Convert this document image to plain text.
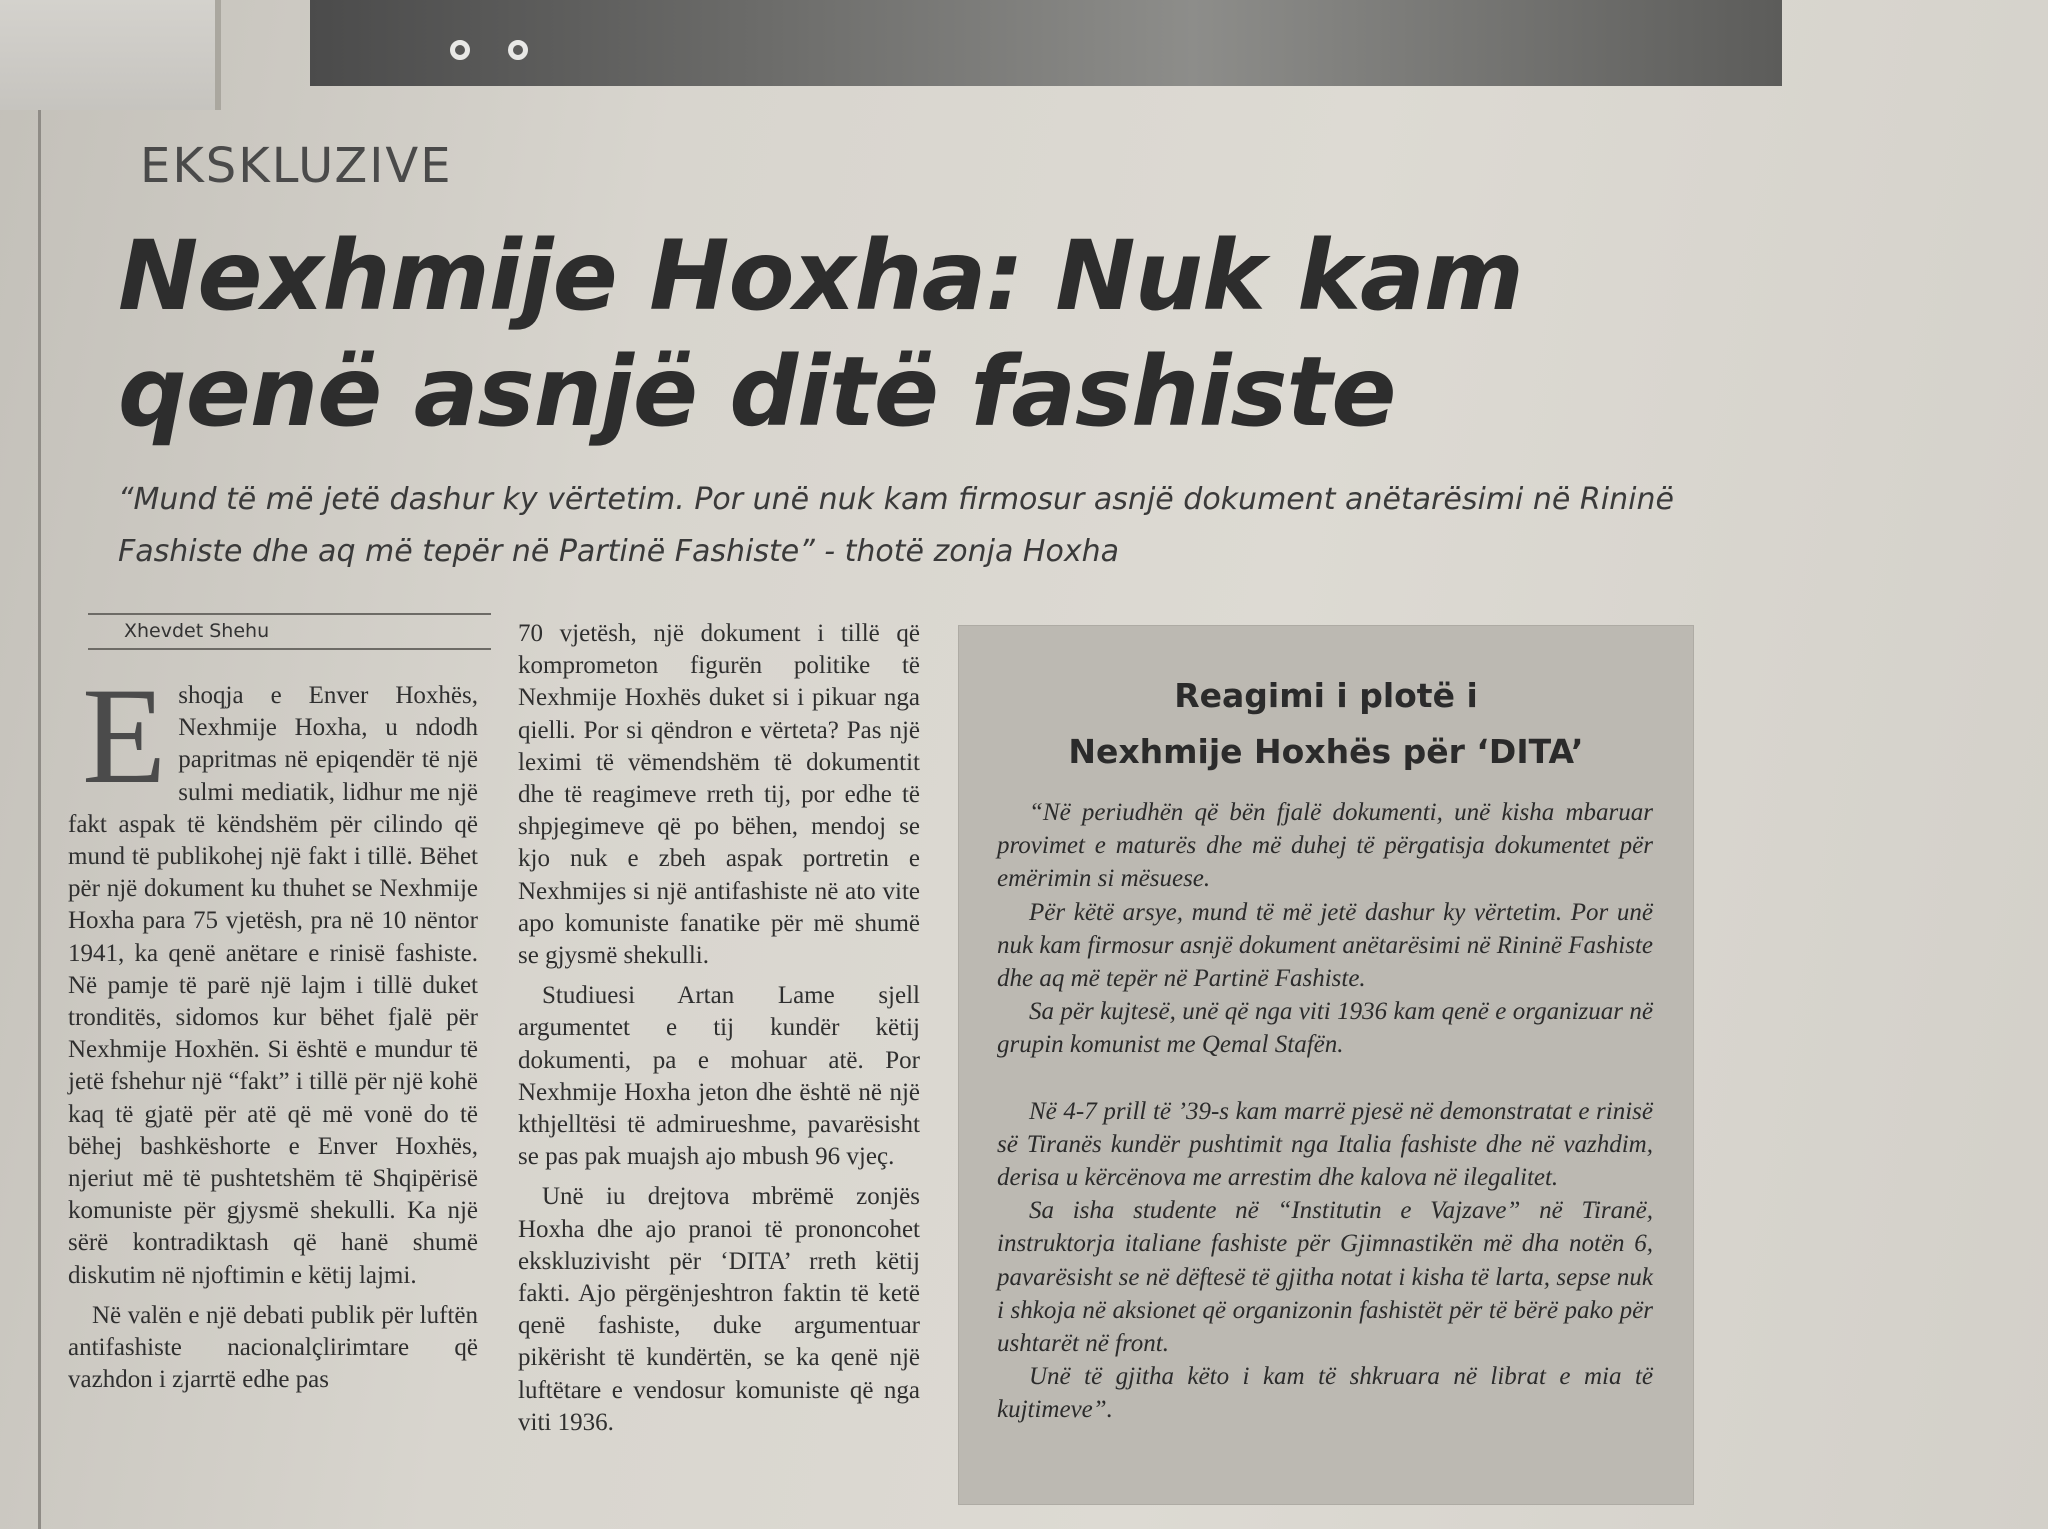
EKSKLUZIVE
Nexhmije Hoxha: Nuk kam qenë asnjë ditë fashiste
“Mund të më jetë dashur ky vërtetim. Por unë nuk kam firmosur asnjë dokument anëtarësimi në Rininë Fashiste dhe aq më tepër në Partinë Fashiste” - thotë zonja Hoxha

Xhevdet Shehu

Eshoqja e Enver Hoxhës, Nexhmije Hoxha, u ndodh papritmas në epiqendër të një sulmi mediatik, lidhur me një fakt aspak të këndshëm për cilindo që mund të publikohej një fakt i tillë. Bëhet për një dokument ku thuhet se Nexhmije Hoxha para 75 vjetësh, pra në 10 nëntor 1941, ka qenë anëtare e rinisë fashiste. Në pamje të parë një lajm i tillë duket tronditës, sidomos kur bëhet fjalë për Nexhmije Hoxhën. Si është e mundur të jetë fshehur një “fakt” i tillë për një kohë kaq të gjatë për atë që më vonë do të bëhej bashkëshorte e Enver Hoxhës, njeriut më të pushtetshëm të Shqipërisë komuniste për gjysmë shekulli. Ka një sërë kontradiktash që hanë shumë diskutim në njoftimin e këtij lajmi.

Në valën e një debati publik për luftën antifashiste nacionalçlirimtare që vazhdon i zjarrtë edhe pas

70 vjetësh, një dokument i tillë që komprometon figurën politike të Nexhmije Hoxhës duket si i pikuar nga qielli. Por si qëndron e vërteta? Pas një leximi të vëmendshëm të dokumentit dhe të reagimeve rreth tij, por edhe të shpjegimeve që po bëhen, mendoj se kjo nuk e zbeh aspak portretin e Nexhmijes si një antifashiste në ato vite apo komuniste fanatike për më shumë se gjysmë shekulli.

Studiuesi Artan Lame sjell argumentet e tij kundër këtij dokumenti, pa e mohuar atë. Por Nexhmije Hoxha jeton dhe është në një kthjelltësi të admirueshme, pavarësisht se pas pak muajsh ajo mbush 96 vjeç.

Unë iu drejtova mbrëmë zonjës Hoxha dhe ajo pranoi të prononcohet ekskluzivisht për ‘DITA’ rreth këtij fakti. Ajo përgënjeshtron faktin të ketë qenë fashiste, duke argumentuar pikërisht të kundërtën, se ka qenë një luftëtare e vendosur komuniste që nga viti 1936.

Reagimi i plotë i
Nexhmije Hoxhës për ‘DITA’

“Në periudhën që bën fjalë dokumenti, unë kisha mbaruar provimet e maturës dhe më duhej të përgatisja dokumentet për emërimin si mësuese.

Për këtë arsye, mund të më jetë dashur ky vërtetim. Por unë nuk kam firmosur asnjë dokument anëtarësimi në Rininë Fashiste dhe aq më tepër në Partinë Fashiste.

Sa për kujtesë, unë që nga viti 1936 kam qenë e organizuar në grupin komunist me Qemal Stafën.

Në 4-7 prill të ’39-s kam marrë pjesë në demonstratat e rinisë së Tiranës kundër pushtimit nga Italia fashiste dhe në vazhdim, derisa u kërcënova me arrestim dhe kalova në ilegalitet.

Sa isha studente në “Institutin e Vajzave” në Tiranë, instruktorja italiane fashiste për Gjimnastikën më dha notën 6, pavarësisht se në dëftesë të gjitha notat i kisha të larta, sepse nuk i shkoja në aksionet që organizonin fashistët për të bërë pako për ushtarët në front.

Unë të gjitha këto i kam të shkruara në librat e mia të kujtimeve”.
